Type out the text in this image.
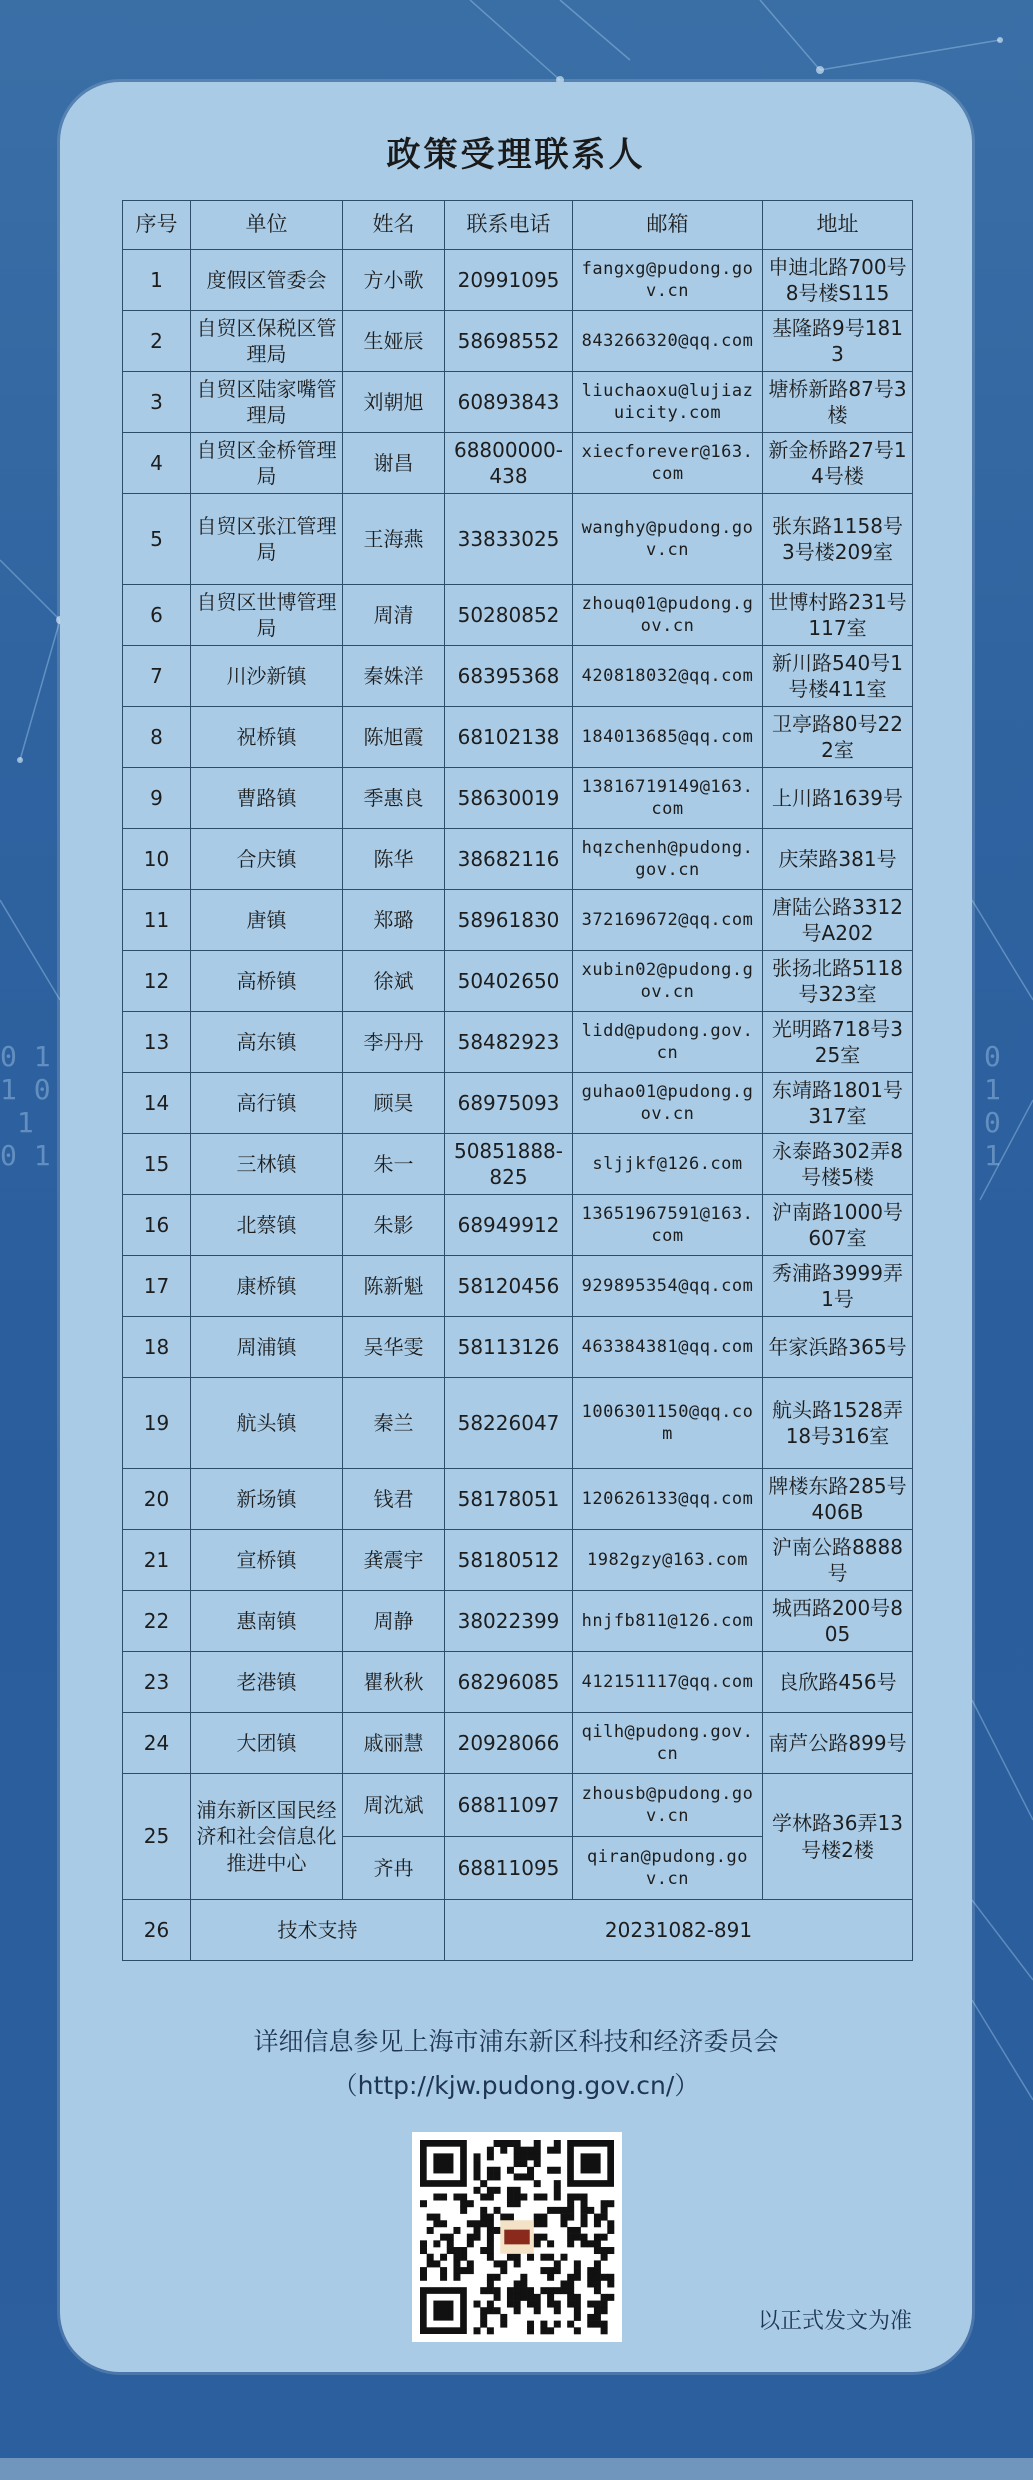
0 1
1 0
1
0 1
0
1
0
1
政策受理联系人
序号	单位	姓名	联系电话	邮箱	地址
1	度假区管委会	方小歌	20991095	fangxg@pudong.gov.cn	申迪北路700号8号楼S115
2	自贸区保税区管理局	生娅辰	58698552	843266320@qq.com	基隆路9号1813
3	自贸区陆家嘴管理局	刘朝旭	60893843	liuchaoxu@lujiazuicity.com	塘桥新路87号3楼
4	自贸区金桥管理局	谢昌	68800000-438	xiecforever@163.com	新金桥路27号14号楼
5	自贸区张江管理局	王海燕	33833025	wanghy@pudong.gov.cn	张东路1158号3号楼209室
6	自贸区世博管理局	周清	50280852	zhouq01@pudong.gov.cn	世博村路231号117室
7	川沙新镇	秦姝洋	68395368	420818032@qq.com	新川路540号1号楼411室
8	祝桥镇	陈旭霞	68102138	184013685@qq.com	卫亭路80号222室
9	曹路镇	季惠良	58630019	13816719149@163.com	上川路1639号
10	合庆镇	陈华	38682116	hqzchenh@pudong.gov.cn	庆荣路381号
11	唐镇	郑璐	58961830	372169672@qq.com	唐陆公路3312号A202
12	高桥镇	徐斌	50402650	xubin02@pudong.gov.cn	张扬北路5118号323室
13	高东镇	李丹丹	58482923	lidd@pudong.gov.cn	光明路718号325室
14	高行镇	顾昊	68975093	guhao01@pudong.gov.cn	东靖路1801号317室
15	三林镇	朱一	50851888-825	sljjkf@126.com	永泰路302弄8号楼5楼
16	北蔡镇	朱影	68949912	13651967591@163.com	沪南路1000号607室
17	康桥镇	陈新魁	58120456	929895354@qq.com	秀浦路3999弄1号
18	周浦镇	吴华雯	58113126	463384381@qq.com	年家浜路365号
19	航头镇	秦兰	58226047	1006301150@qq.com	航头路1528弄18号316室
20	新场镇	钱君	58178051	120626133@qq.com	牌楼东路285号406B
21	宣桥镇	龚震宇	58180512	1982gzy@163.com	沪南公路8888号
22	惠南镇	周静	38022399	hnjfb811@126.com	城西路200号805
23	老港镇	瞿秋秋	68296085	412151117@qq.com	良欣路456号
24	大团镇	戚丽慧	20928066	qilh@pudong.gov.cn	南芦公路899号
25	浦东新区国民经济和社会信息化推进中心	周沈斌	68811097	zhousb@pudong.gov.cn	学林路36弄13号楼2楼
		齐冉	68811095	qiran@pudong.gov.cn	
26	技术支持		20231082-891		
详细信息参见上海市浦东新区科技和经济委员会
（http://kjw.pudong.gov.cn/）
以正式发文为准
